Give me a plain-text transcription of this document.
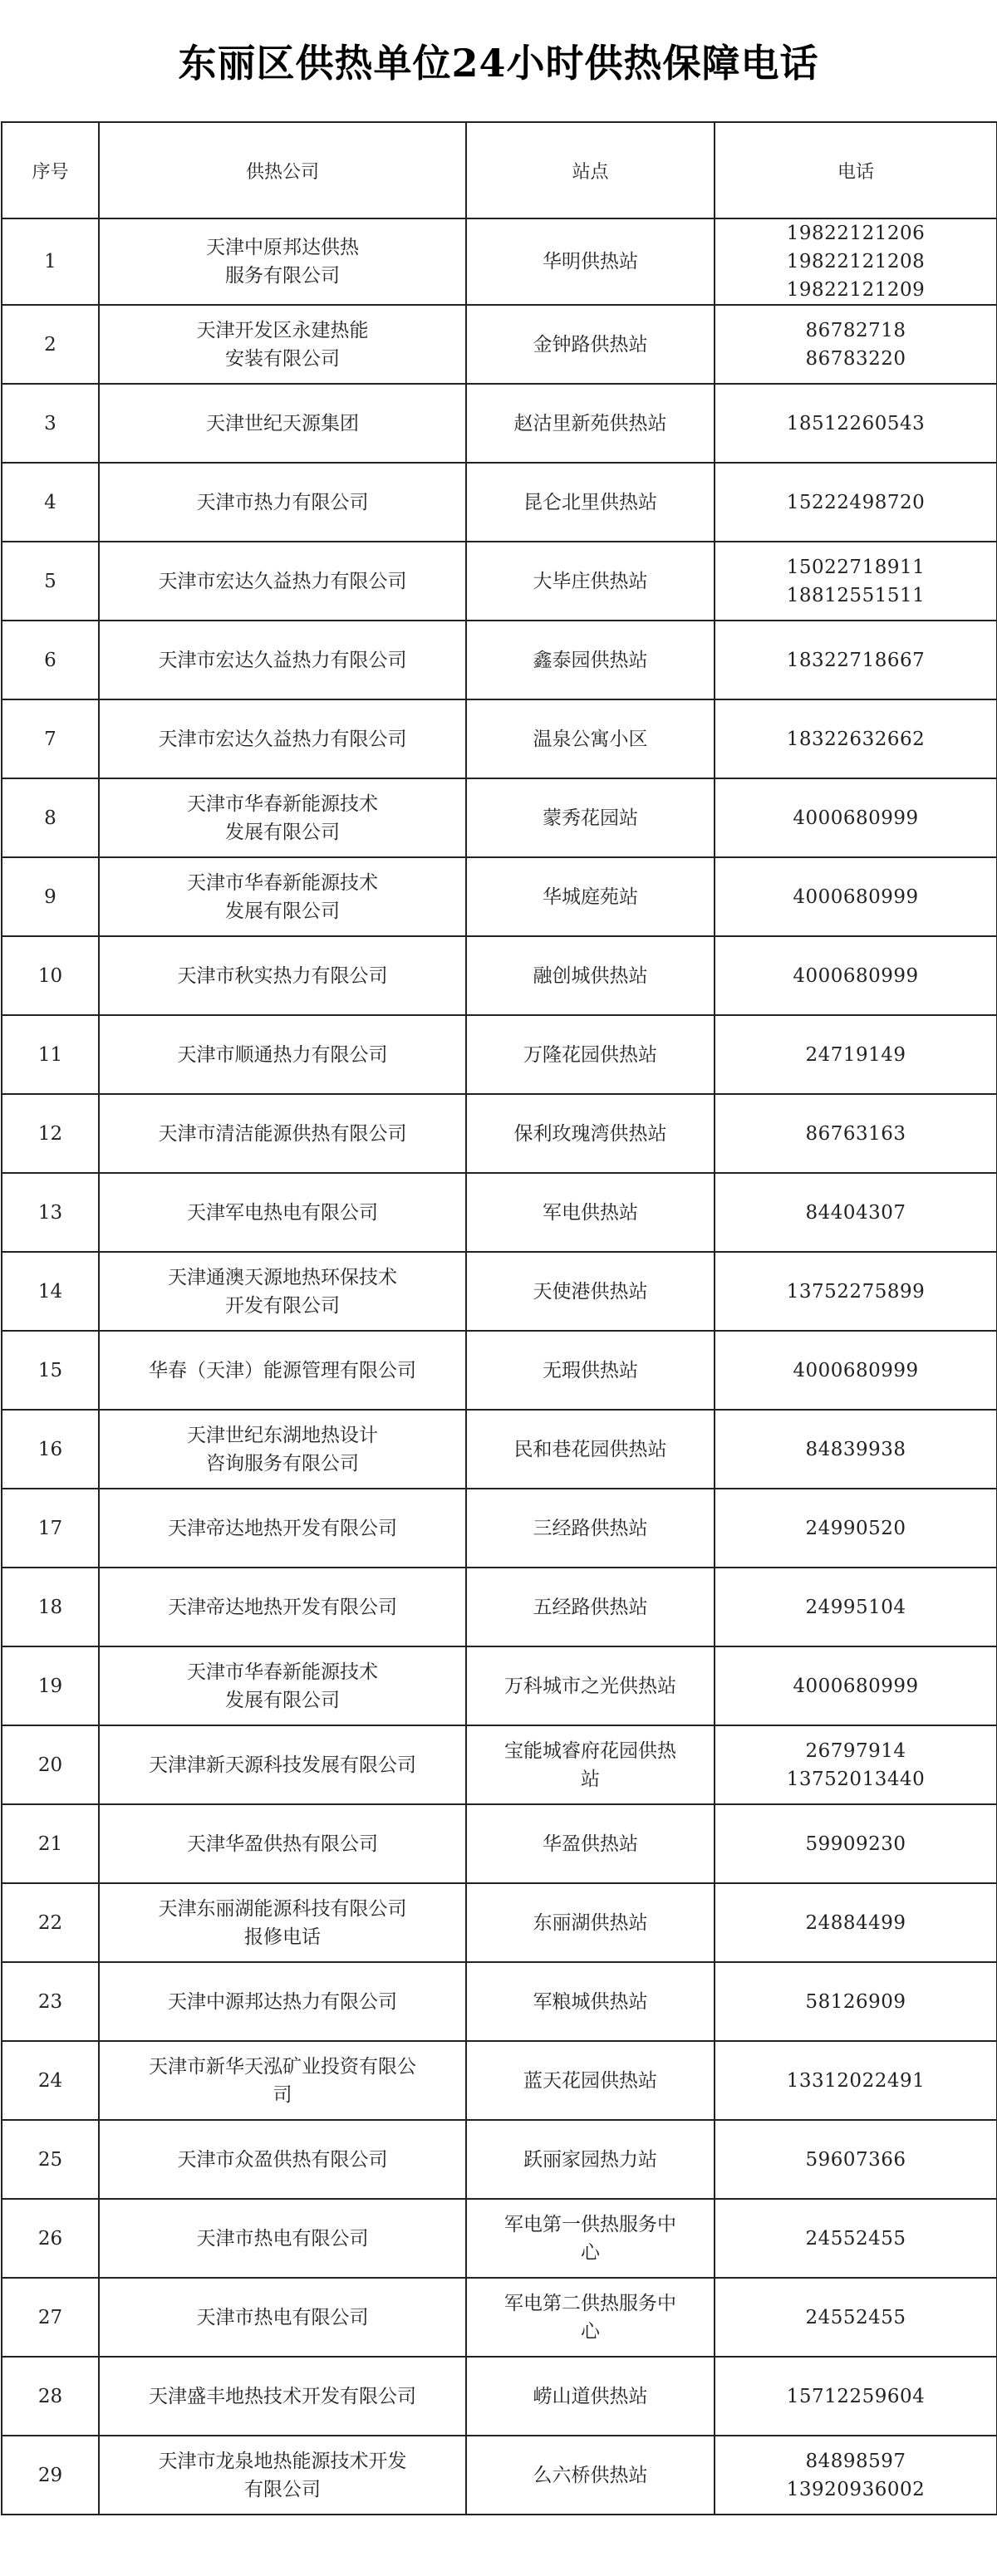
东丽区供热单位24小时供热保障电话
序号	供热公司	站点	电话
1	天津中原邦达供热
服务有限公司	华明供热站	19822121206
19822121208
19822121209
2	天津开发区永建热能
安装有限公司	金钟路供热站	86782718
86783220
3	天津世纪天源集团	赵沽里新苑供热站	18512260543
4	天津市热力有限公司	昆仑北里供热站	15222498720
5	天津市宏达久益热力有限公司	大毕庄供热站	15022718911
18812551511
6	天津市宏达久益热力有限公司	鑫泰园供热站	18322718667
7	天津市宏达久益热力有限公司	温泉公寓小区	18322632662
8	天津市华春新能源技术
发展有限公司	蒙秀花园站	4000680999
9	天津市华春新能源技术
发展有限公司	华城庭苑站	4000680999
10	天津市秋实热力有限公司	融创城供热站	4000680999
11	天津市顺通热力有限公司	万隆花园供热站	24719149
12	天津市清洁能源供热有限公司	保利玫瑰湾供热站	86763163
13	天津军电热电有限公司	军电供热站	84404307
14	天津通澳天源地热环保技术
开发有限公司	天使港供热站	13752275899
15	华春（天津）能源管理有限公司	无瑕供热站	4000680999
16	天津世纪东湖地热设计
咨询服务有限公司	民和巷花园供热站	84839938
17	天津帝达地热开发有限公司	三经路供热站	24990520
18	天津帝达地热开发有限公司	五经路供热站	24995104
19	天津市华春新能源技术
发展有限公司	万科城市之光供热站	4000680999
20	天津津新天源科技发展有限公司	宝能城睿府花园供热
站	26797914
13752013440
21	天津华盈供热有限公司	华盈供热站	59909230
22	天津东丽湖能源科技有限公司
报修电话	东丽湖供热站	24884499
23	天津中源邦达热力有限公司	军粮城供热站	58126909
24	天津市新华天泓矿业投资有限公
司	蓝天花园供热站	13312022491
25	天津市众盈供热有限公司	跃丽家园热力站	59607366
26	天津市热电有限公司	军电第一供热服务中
心	24552455
27	天津市热电有限公司	军电第二供热服务中
心	24552455
28	天津盛丰地热技术开发有限公司	崂山道供热站	15712259604
29	天津市龙泉地热能源技术开发
有限公司	么六桥供热站	84898597
13920936002
